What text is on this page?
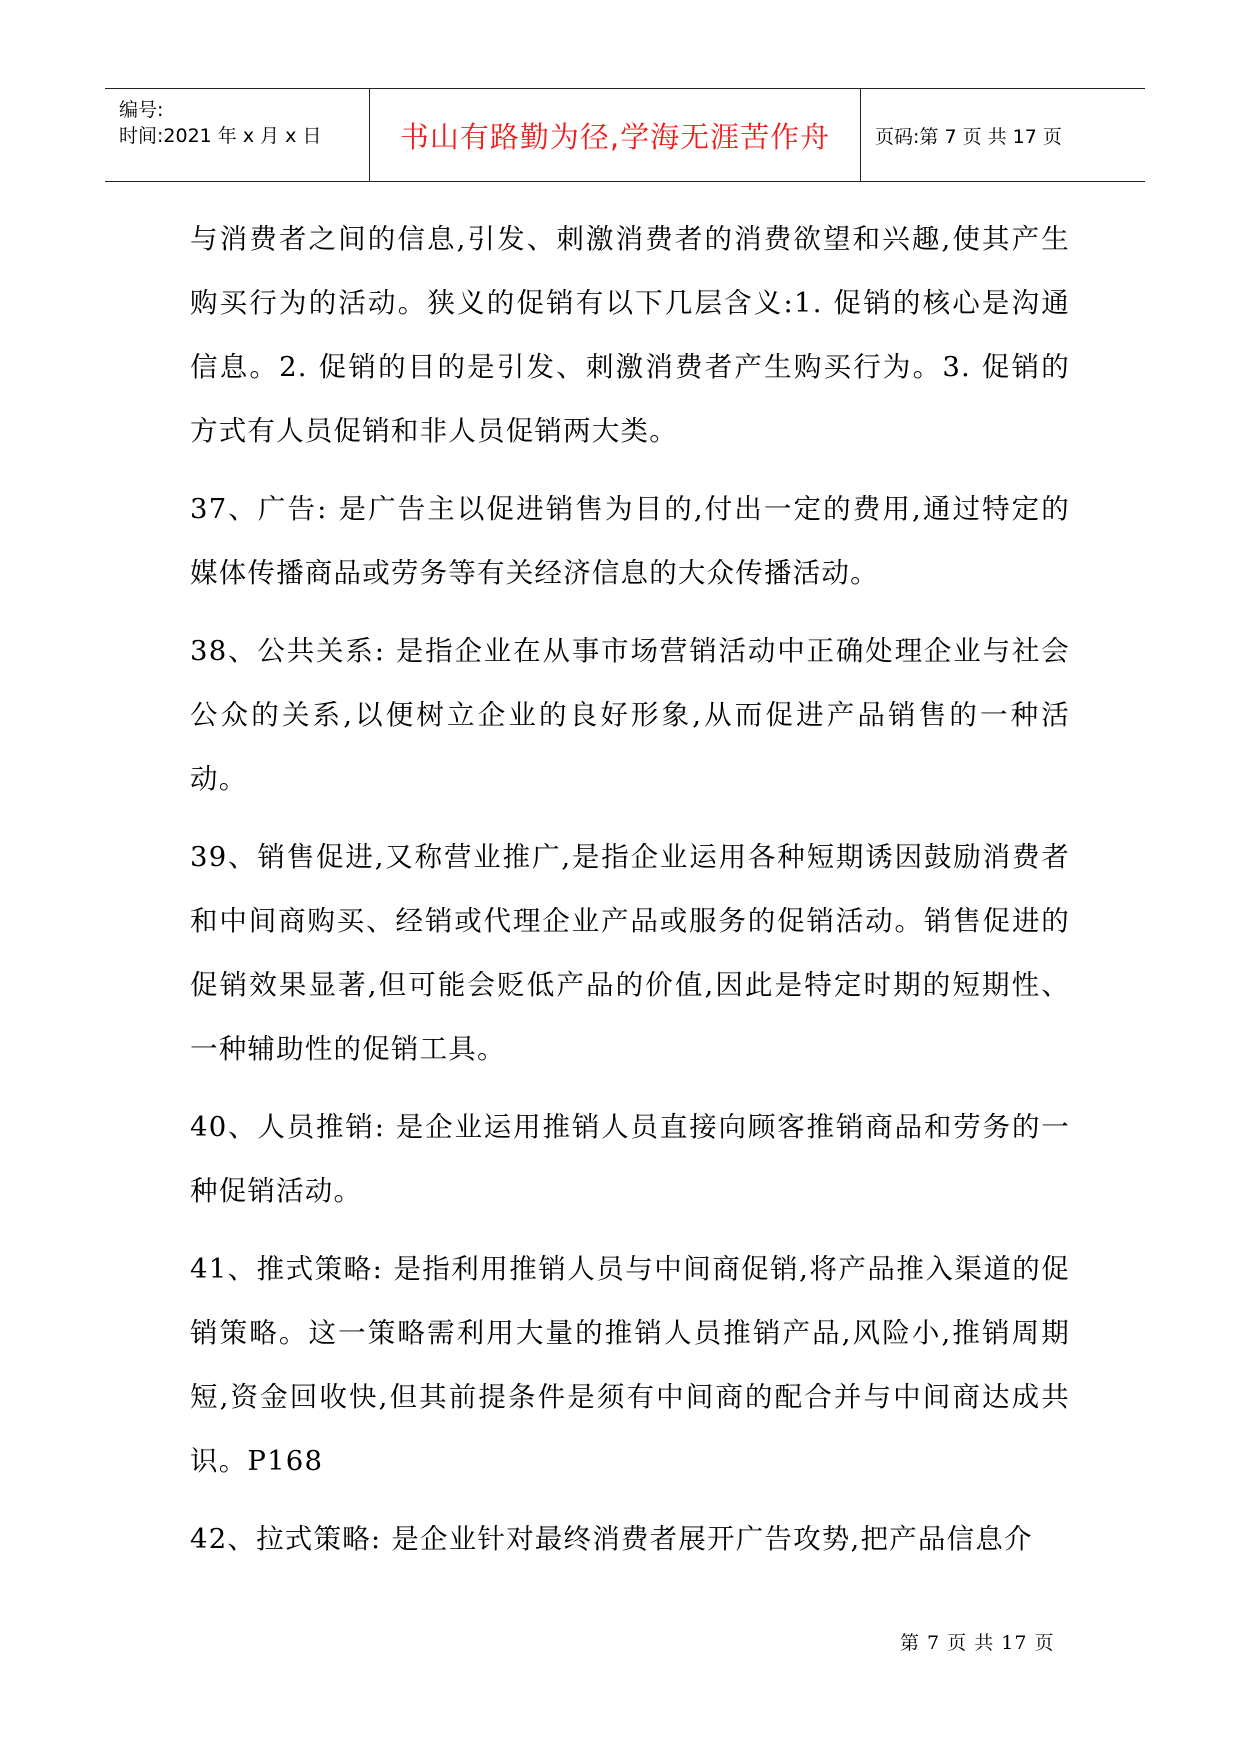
编号:
时间:2021 年 x 月 x 日	书山有路勤为径,学海无涯苦作舟 页码:第 7 页 共 17 页

与消费者之间的信息,引发、刺激消费者的消费欲望和兴趣,使其产生购买行为的活动。狭义的促销有以下几层含义:1. 促销的核心是沟通信息。2. 促销的目的是引发、刺激消费者产生购买行为。3. 促销的方式有人员促销和非人员促销两大类。

37、广告: 是广告主以促进销售为目的,付出一定的费用,通过特定的媒体传播商品或劳务等有关经济信息的大众传播活动。

38、公共关系: 是指企业在从事市场营销活动中正确处理企业与社会公众的关系,以便树立企业的良好形象,从而促进产品销售的一种活动。

39、销售促进,又称营业推广,是指企业运用各种短期诱因鼓励消费者和中间商购买、经销或代理企业产品或服务的促销活动。销售促进的促销效果显著,但可能会贬低产品的价值,因此是特定时期的短期性、一种辅助性的促销工具。

40、人员推销: 是企业运用推销人员直接向顾客推销商品和劳务的一种促销活动。

41、推式策略: 是指利用推销人员与中间商促销,将产品推入渠道的促销策略。这一策略需利用大量的推销人员推销产品,风险小,推销周期短,资金回收快,但其前提条件是须有中间商的配合并与中间商达成共识。P168

42、拉式策略: 是企业针对最终消费者展开广告攻势,把产品信息介

第 7 页 共 17 页
